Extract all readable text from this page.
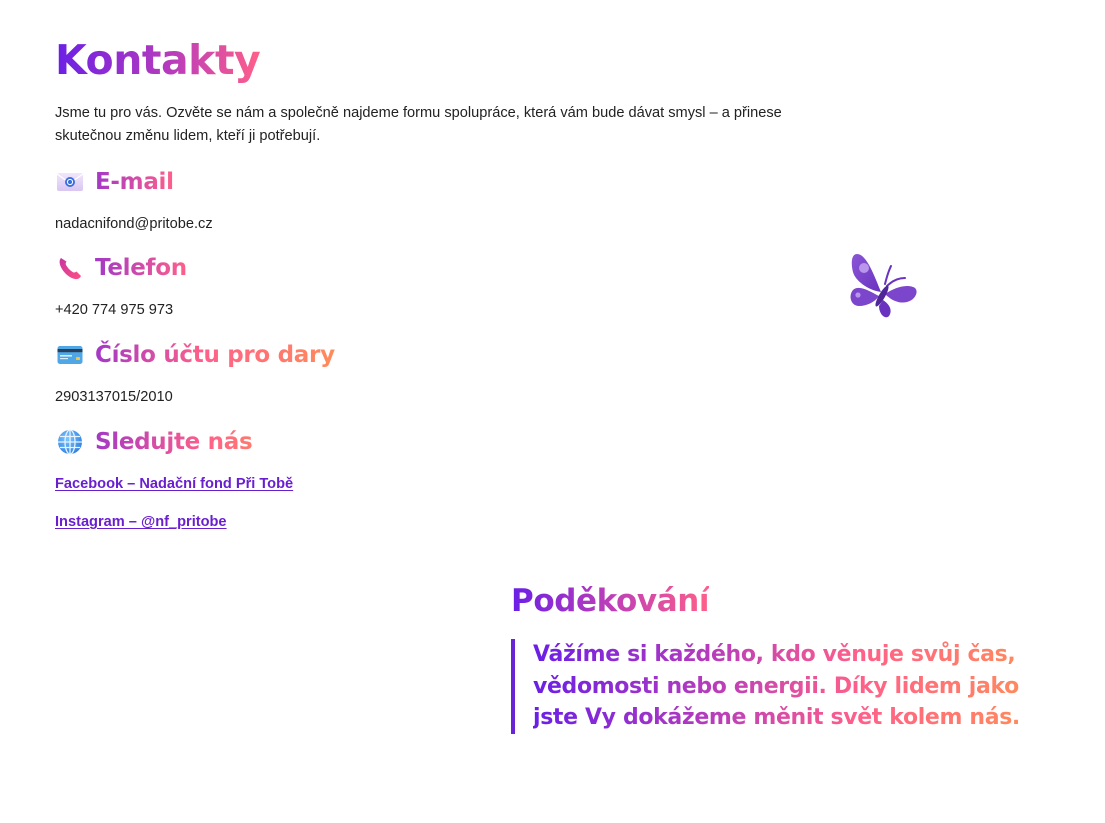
Kontakty

Jsme tu pro vás. Ozvěte se nám a společně najdeme formu spolupráce, která vám bude dávat smysl – a přinese skutečnou změnu lidem, kteří ji potřebují.

E-mail

nadacnifond@pritobe.cz

Telefon

+420 774 975 973

Číslo účtu pro dary

2903137015/2010

Sledujte nás
Facebook – Nadační fond Při Tobě
Instagram – @nf_pritobe
Poděkování

Vážíme si každého, kdo věnuje svůj čas, vědomosti nebo energii. Díky lidem jako jste Vy dokážeme měnit svět kolem nás.
